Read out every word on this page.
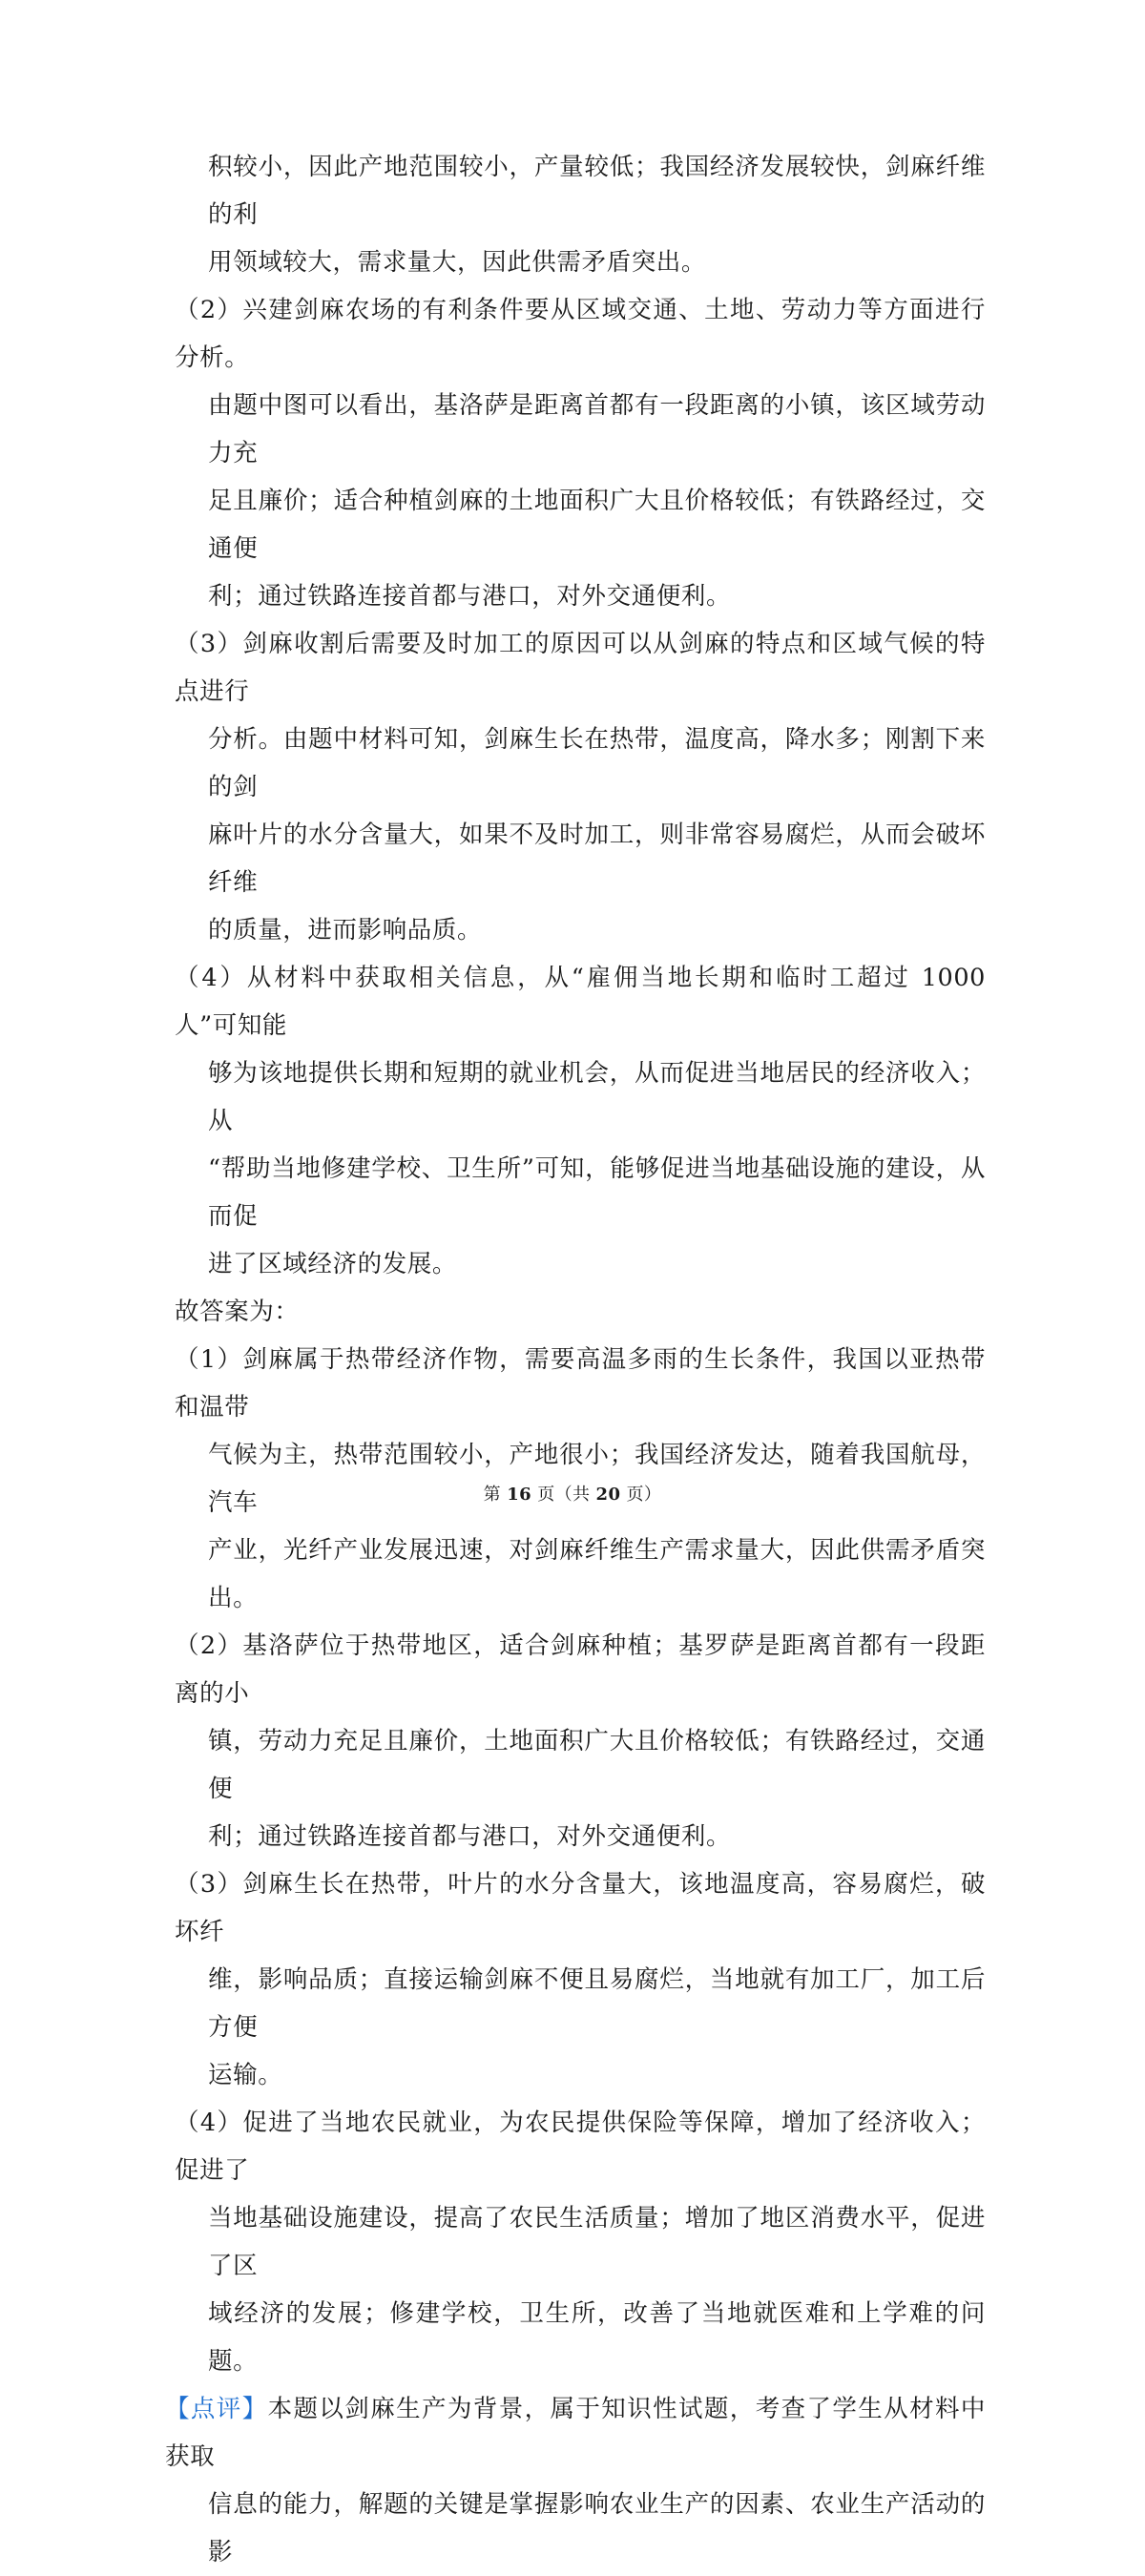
积较小，因此产地范围较小，产量较低；我国经济发展较快，剑麻纤维的利
用领域较大，需求量大，因此供需矛盾突出。

（2）兴建剑麻农场的有利条件要从区域交通、土地、劳动力等方面进行分析。
由题中图可以看出，基洛萨是距离首都有一段距离的小镇，该区域劳动力充
足且廉价；适合种植剑麻的土地面积广大且价格较低；有铁路经过，交通便
利；通过铁路连接首都与港口，对外交通便利。

（3）剑麻收割后需要及时加工的原因可以从剑麻的特点和区域气候的特点进行
分析。由题中材料可知，剑麻生长在热带，温度高，降水多；刚割下来的剑
麻叶片的水分含量大，如果不及时加工，则非常容易腐烂，从而会破坏纤维
的质量，进而影响品质。

（4）从材料中获取相关信息，从“雇佣当地长期和临时工超过 1000 人”可知能
够为该地提供长期和短期的就业机会，从而促进当地居民的经济收入；从
“帮助当地修建学校、卫生所”可知，能够促进当地基础设施的建设，从而促
进了区域经济的发展。

故答案为：

（1）剑麻属于热带经济作物，需要高温多雨的生长条件，我国以亚热带和温带
气候为主，热带范围较小，产地很小；我国经济发达，随着我国航母，汽车
产业，光纤产业发展迅速，对剑麻纤维生产需求量大，因此供需矛盾突出。

（2）基洛萨位于热带地区，适合剑麻种植；基罗萨是距离首都有一段距离的小
镇，劳动力充足且廉价，土地面积广大且价格较低；有铁路经过，交通便
利；通过铁路连接首都与港口，对外交通便利。

（3）剑麻生长在热带，叶片的水分含量大，该地温度高，容易腐烂，破坏纤
维，影响品质；直接运输剑麻不便且易腐烂，当地就有加工厂，加工后方便
运输。

（4）促进了当地农民就业，为农民提供保险等保障，增加了经济收入；促进了
当地基础设施建设，提高了农民生活质量；增加了地区消费水平，促进了区
域经济的发展；修建学校，卫生所，改善了当地就医难和上学难的问题。

【点评】本题以剑麻生产为背景，属于知识性试题，考查了学生从材料中获取
信息的能力，解题的关键是掌握影响农业生产的因素、农业生产活动的影

第 16 页（共 20 页）
